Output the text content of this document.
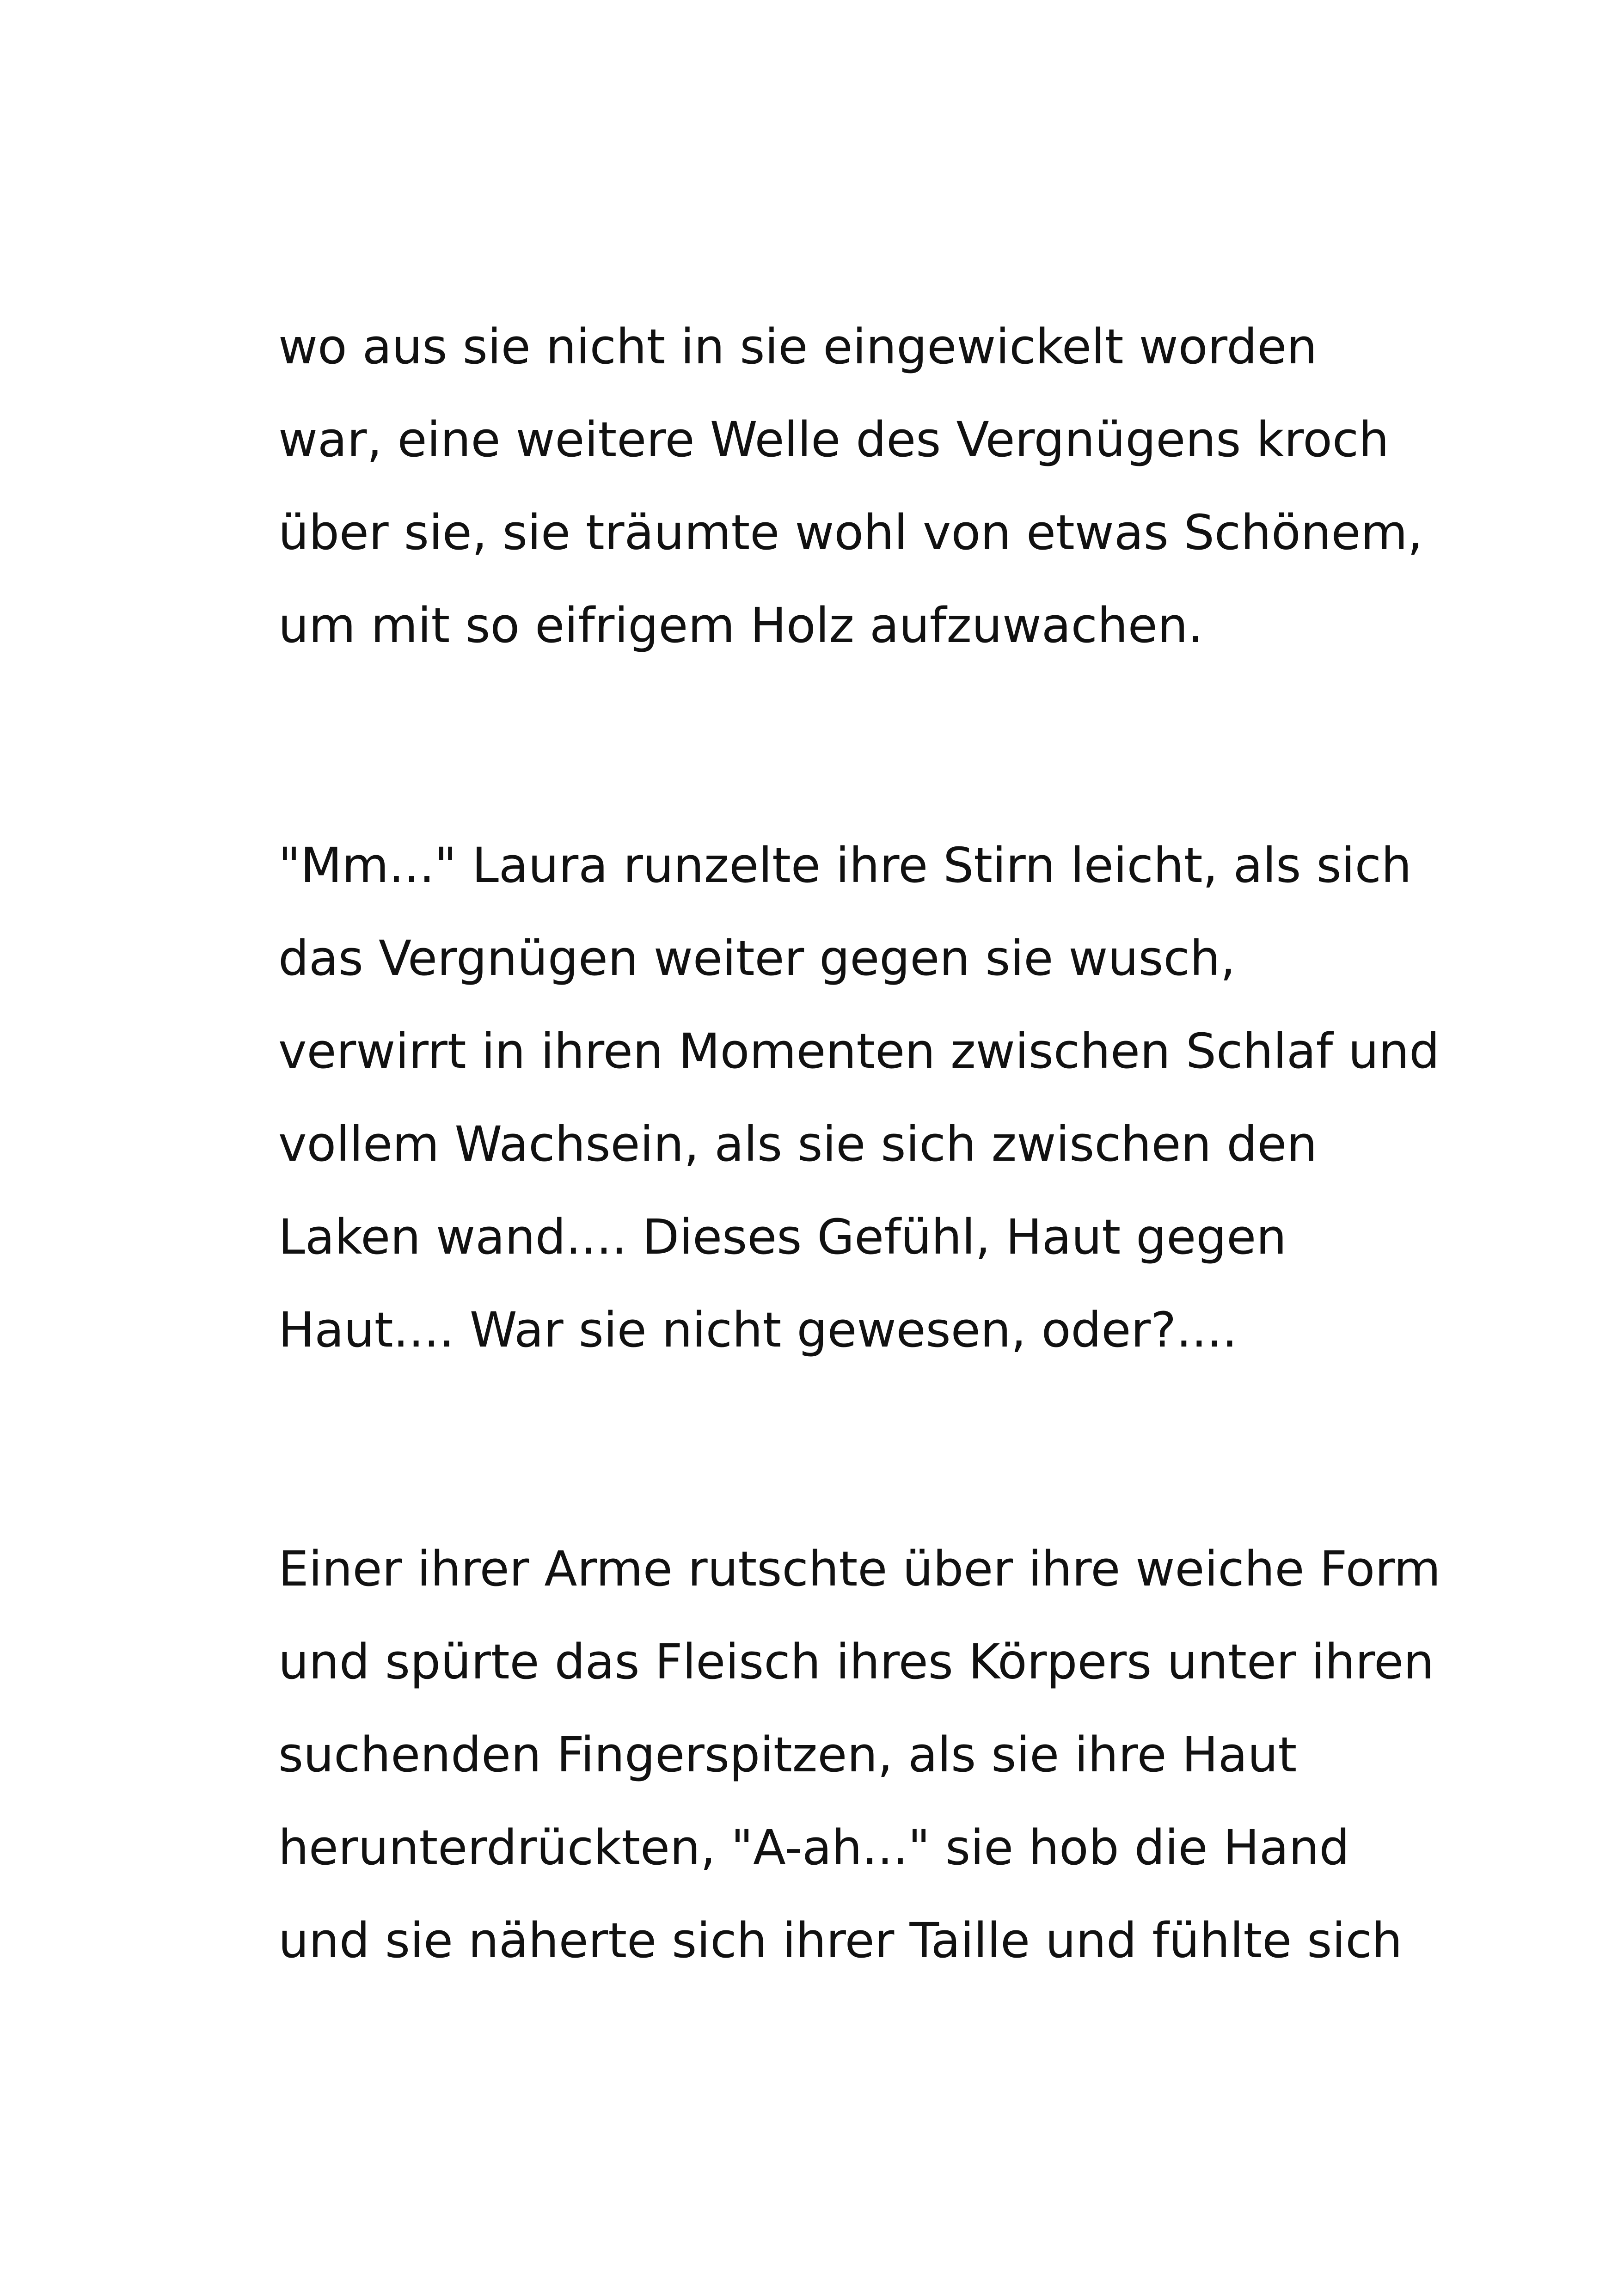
wo aus sie nicht in sie eingewickelt worden
war, eine weitere Welle des Vergnügens kroch
über sie, sie träumte wohl von etwas Schönem,
um mit so eifrigem Holz aufzuwachen.
"Mm..." Laura runzelte ihre Stirn leicht, als sich
das Vergnügen weiter gegen sie wusch,
verwirrt in ihren Momenten zwischen Schlaf und
vollem Wachsein, als sie sich zwischen den
Laken wand.... Dieses Gefühl, Haut gegen
Haut.... War sie nicht gewesen, oder?....
Einer ihrer Arme rutschte über ihre weiche Form
und spürte das Fleisch ihres Körpers unter ihren
suchenden Fingerspitzen, als sie ihre Haut
herunterdrückten, "A-ah..." sie hob die Hand
und sie näherte sich ihrer Taille und fühlte sich
